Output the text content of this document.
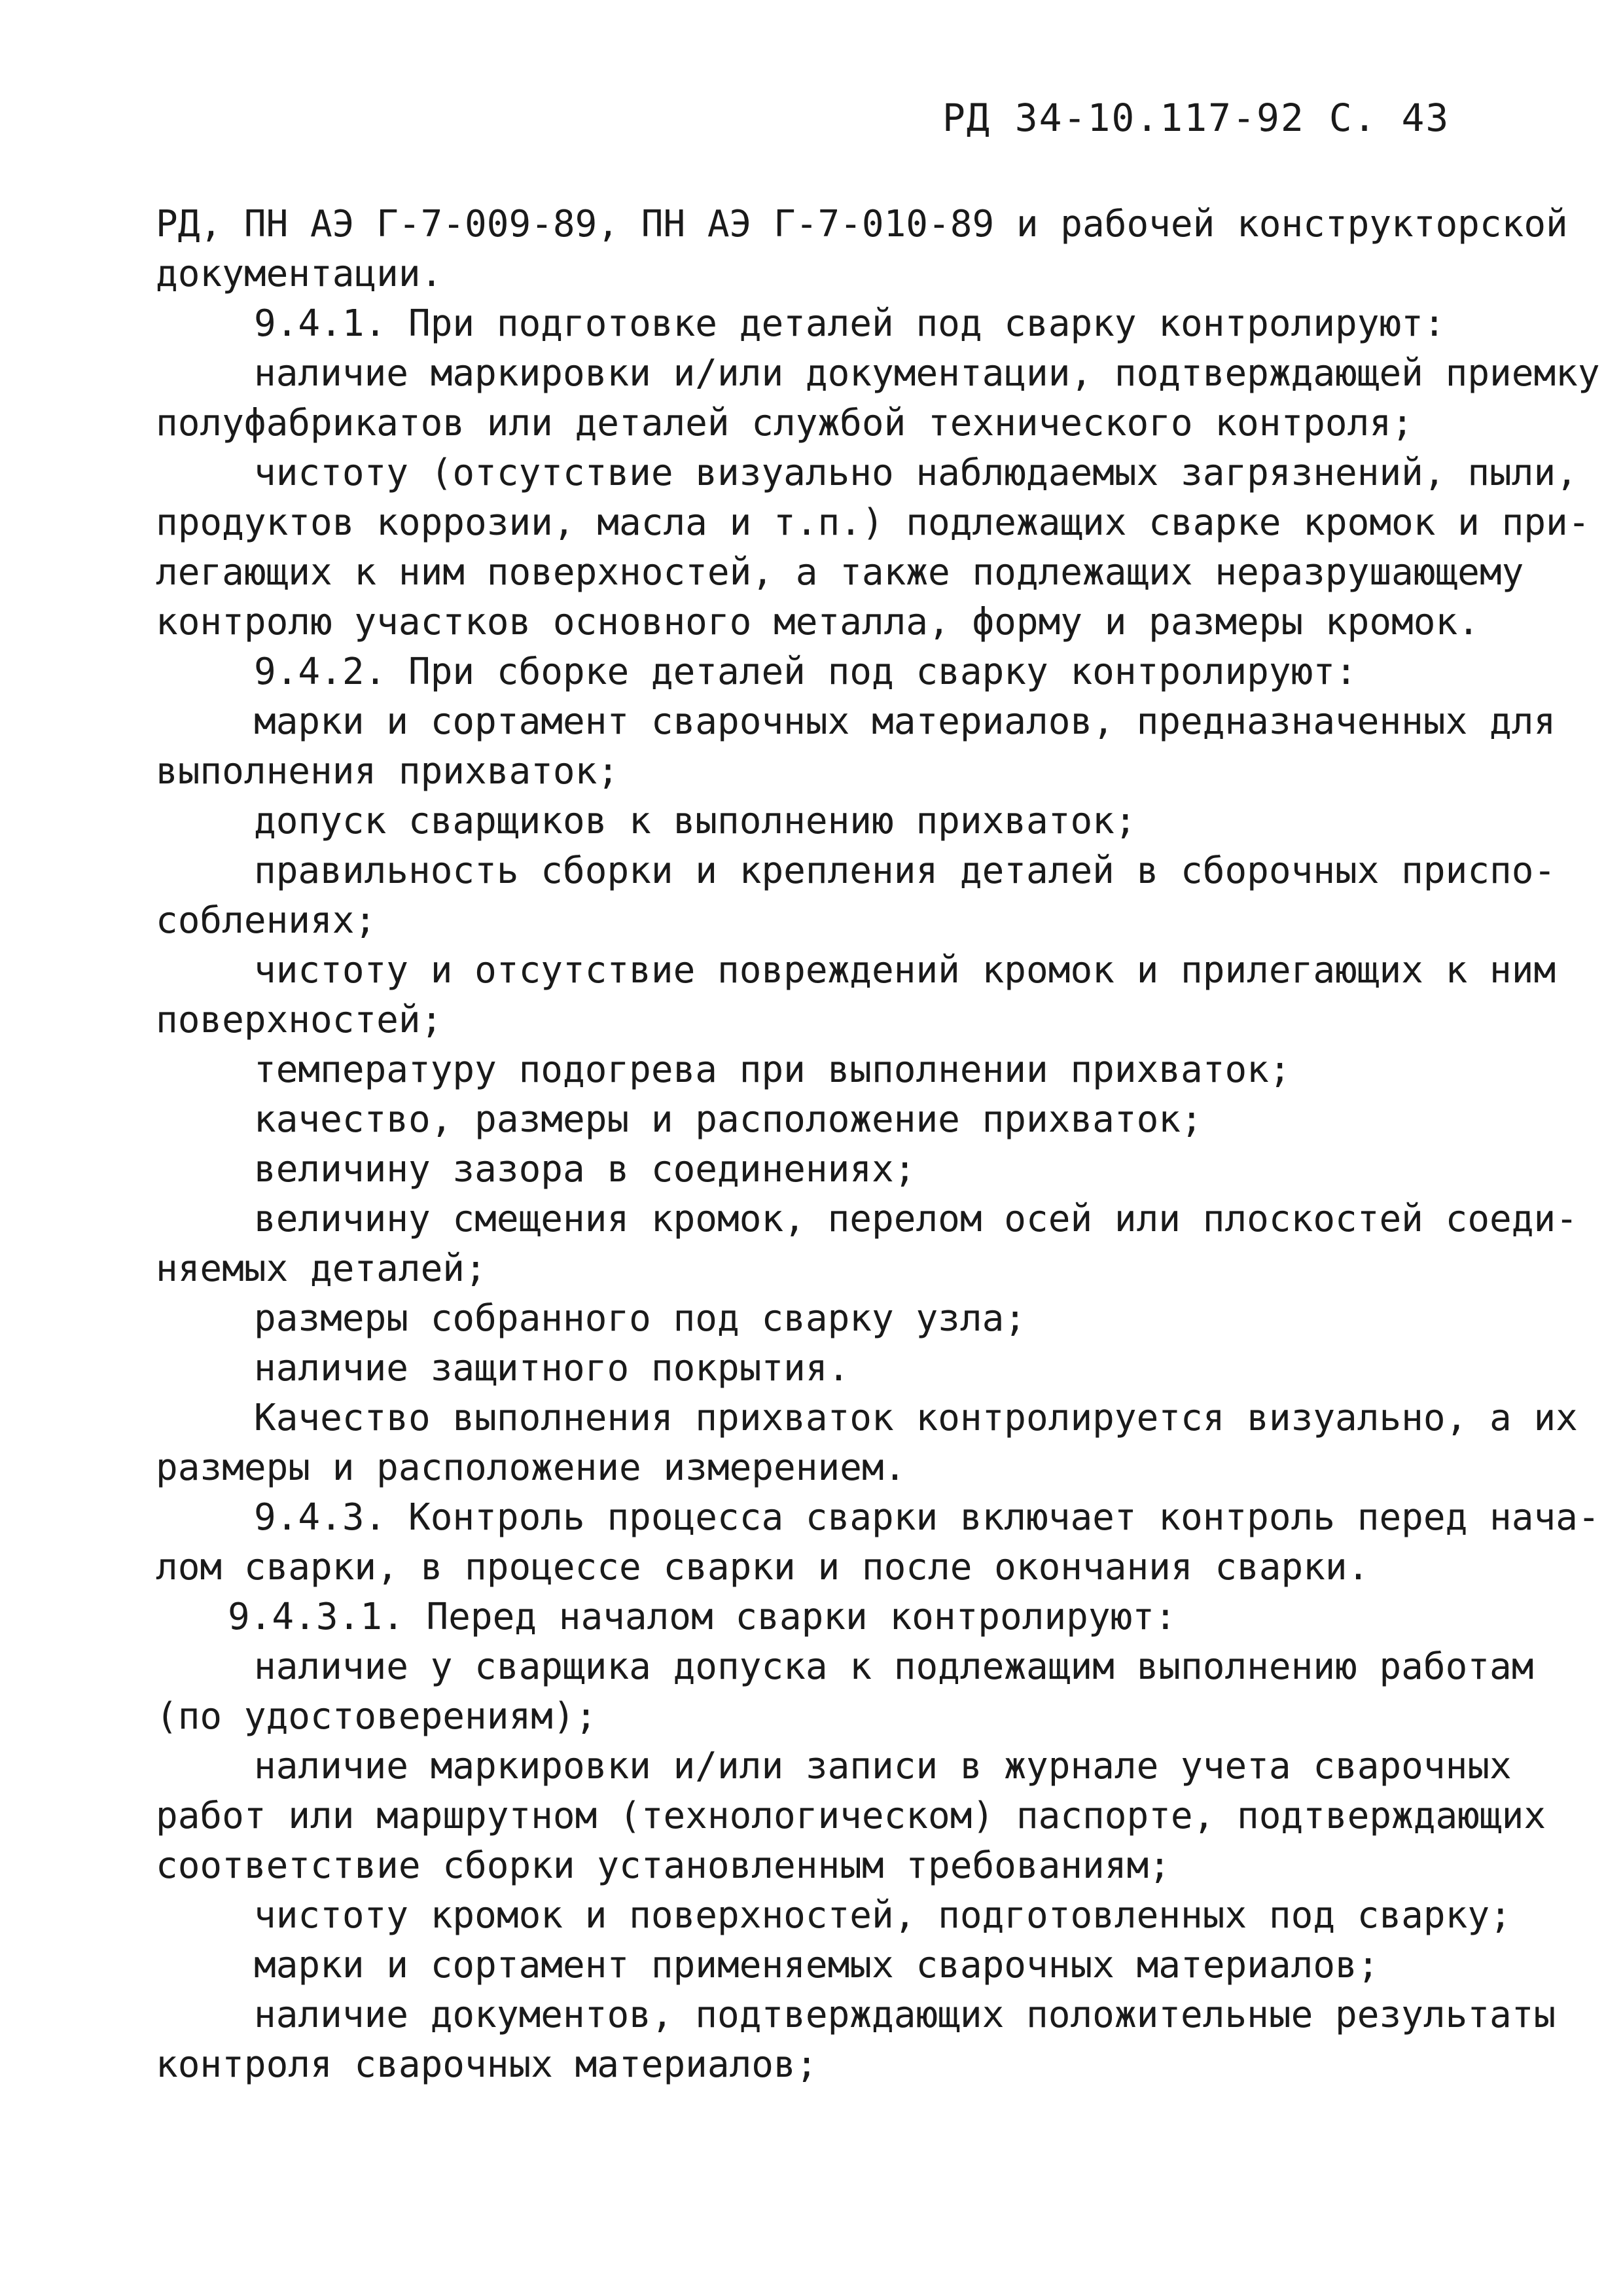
РД 34-10.117-92 С. 43
РД, ПН АЭ Г-7-009-89, ПН АЭ Г-7-010-89 и рабочей конструкторской
документации.
9.4.1. При подготовке деталей под сварку контролируют:
наличие маркировки и/или документации, подтверждающей приемку
полуфабрикатов или деталей службой технического контроля;
чистоту (отсутствие визуально наблюдаемых загрязнений, пыли,
продуктов коррозии, масла и т.п.) подлежащих сварке кромок и при-
легающих к ним поверхностей, а также подлежащих неразрушающему
контролю участков основного металла, форму и размеры кромок.
9.4.2. При сборке деталей под сварку контролируют:
марки и сортамент сварочных материалов, предназначенных для
выполнения прихваток;
допуск сварщиков к выполнению прихваток;
правильность сборки и крепления деталей в сборочных приспо-
соблениях;
чистоту и отсутствие повреждений кромок и прилегающих к ним
поверхностей;
температуру подогрева при выполнении прихваток;
качество, размеры и расположение прихваток;
величину зазора в соединениях;
величину смещения кромок, перелом осей или плоскостей соеди-
няемых деталей;
размеры собранного под сварку узла;
наличие защитного покрытия.
Качество выполнения прихваток контролируется визуально, а их
размеры и расположение измерением.
9.4.3. Контроль процесса сварки включает контроль перед нача-
лом сварки, в процессе сварки и после окончания сварки.
9.4.3.1. Перед началом сварки контролируют:
наличие у сварщика допуска к подлежащим выполнению работам
(по удостоверениям);
наличие маркировки и/или записи в журнале учета сварочных
работ или маршрутном (технологическом) паспорте, подтверждающих
соответствие сборки установленным требованиям;
чистоту кромок и поверхностей, подготовленных под сварку;
марки и сортамент применяемых сварочных материалов;
наличие документов, подтверждающих положительные результаты
контроля сварочных материалов;
